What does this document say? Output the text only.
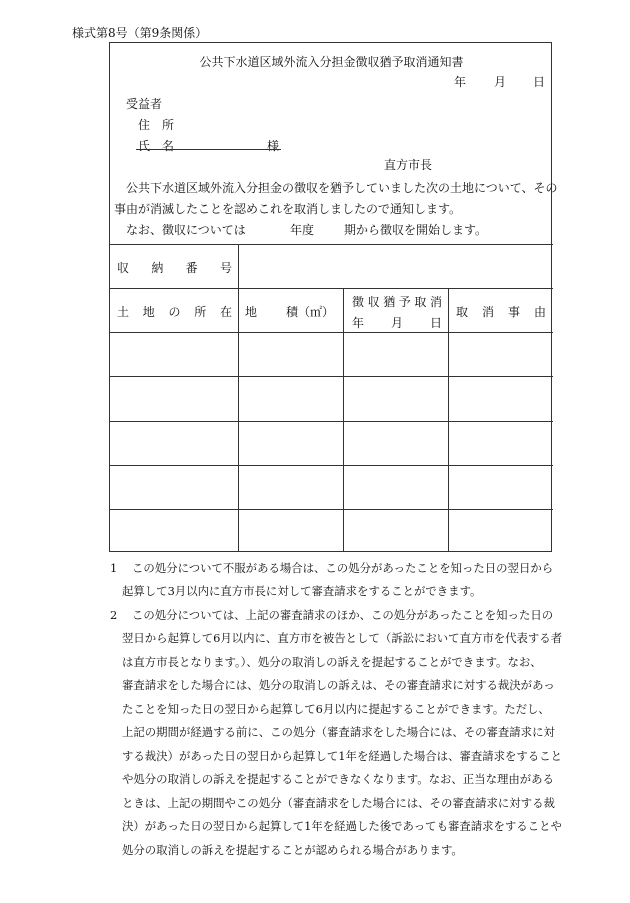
様式第8号（第9条関係）
公共下水道区域外流入分担金徴収猶予取消通知書
年 月 日
受益者
住　所
氏　名	様
直方市長
公共下水道区域外流入分担金の徴収を猶予していました次の土地について、その
事由が消滅したことを認めこれを取消しましたので通知します。
なお、徴収については	年度 期から徴収を開始します。
収 納 番 号
土 地 の 所 在 地 積（㎡）
徴 収 猶 予 取 消
年 月 日
取 消 事 由
1 この処分について不服がある場合は、この処分があったことを知った日の翌日から
起算して3月以内に直方市長に対して審査請求をすることができます。
2 この処分については、上記の審査請求のほか、この処分があったことを知った日の
翌日から起算して6月以内に、直方市を被告として（訴訟において直方市を代表する者
は直方市長となります。）、処分の取消しの訴えを提起することができます。なお、
審査請求をした場合には、処分の取消しの訴えは、その審査請求に対する裁決があっ
たことを知った日の翌日から起算して6月以内に提起することができます。ただし、
上記の期間が経過する前に、この処分（審査請求をした場合には、その審査請求に対
する裁決）があった日の翌日から起算して1年を経過した場合は、審査請求をすること
や処分の取消しの訴えを提起することができなくなります。なお、正当な理由がある
ときは、上記の期間やこの処分（審査請求をした場合には、その審査請求に対する裁
決）があった日の翌日から起算して1年を経過した後であっても審査請求をすることや
処分の取消しの訴えを提起することが認められる場合があります。
